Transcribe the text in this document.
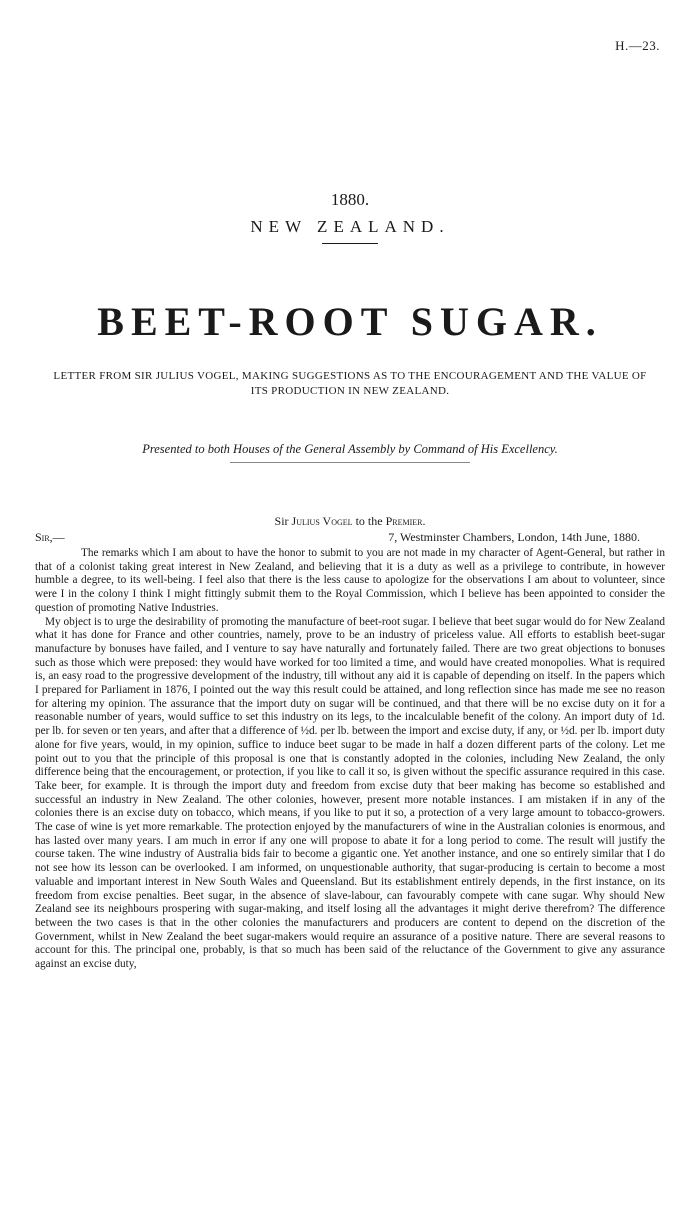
H.—23.
1880.
NEW ZEALAND.
BEET-ROOT SUGAR.
LETTER FROM SIR JULIUS VOGEL, MAKING SUGGESTIONS AS TO THE ENCOURAGEMENT AND THE VALUE OF ITS PRODUCTION IN NEW ZEALAND.
Presented to both Houses of the General Assembly by Command of His Excellency.
Sir Julius Vogel to the Premier.
Sir,—	7, Westminster Chambers, London, 14th June, 1880.

The remarks which I am about to have the honor to submit to you are not made in my character of Agent-General, but rather in that of a colonist taking great interest in New Zealand, and believing that it is a duty as well as a privilege to contribute, in however humble a degree, to its well-being. I feel also that there is the less cause to apologize for the observations I am about to volunteer, since were I in the colony I think I might fittingly submit them to the Royal Commission, which I believe has been appointed to consider the question of promoting Native Industries.

My object is to urge the desirability of promoting the manufacture of beet-root sugar. I believe that beet sugar would do for New Zealand what it has done for France and other countries, namely, prove to be an industry of priceless value. All efforts to establish beet-sugar manufacture by bonuses have failed, and I venture to say have naturally and fortunately failed. There are two great objections to bonuses such as those which were preposed: they would have worked for too limited a time, and would have created monopolies. What is required is, an easy road to the progressive development of the industry, till without any aid it is capable of depending on itself. In the papers which I prepared for Parliament in 1876, I pointed out the way this result could be attained, and long reflection since has made me see no reason for altering my opinion. The assurance that the import duty on sugar will be continued, and that there will be no excise duty on it for a reasonable number of years, would suffice to set this industry on its legs, to the incalculable benefit of the colony. An import duty of 1d. per lb. for seven or ten years, and after that a difference of ½d. per lb. between the import and excise duty, if any, or ½d. per lb. import duty alone for five years, would, in my opinion, suffice to induce beet sugar to be made in half a dozen different parts of the colony. Let me point out to you that the principle of this proposal is one that is constantly adopted in the colonies, including New Zealand, the only difference being that the encouragement, or protection, if you like to call it so, is given without the specific assurance required in this case. Take beer, for example. It is through the import duty and freedom from excise duty that beer making has become so established and successful an industry in New Zealand. The other colonies, however, present more notable instances. I am mistaken if in any of the colonies there is an excise duty on tobacco, which means, if you like to put it so, a protection of a very large amount to tobacco-growers. The case of wine is yet more remarkable. The protection enjoyed by the manufacturers of wine in the Australian colonies is enormous, and has lasted over many years. I am much in error if any one will propose to abate it for a long period to come. The result will justify the course taken. The wine industry of Australia bids fair to become a gigantic one. Yet another instance, and one so entirely similar that I do not see how its lesson can be overlooked. I am informed, on unquestionable authority, that sugar-producing is certain to become a most valuable and important interest in New South Wales and Queensland. But its establishment entirely depends, in the first instance, on its freedom from excise penalties. Beet sugar, in the absence of slave-labour, can favourably compete with cane sugar. Why should New Zealand see its neighbours prospering with sugar-making, and itself losing all the advantages it might derive therefrom? The difference between the two cases is that in the other colonies the manufacturers and producers are content to depend on the discretion of the Government, whilst in New Zealand the beet sugar-makers would require an assurance of a positive nature. There are several reasons to account for this. The principal one, probably, is that so much has been said of the reluctance of the Government to give any assurance against an excise duty,
